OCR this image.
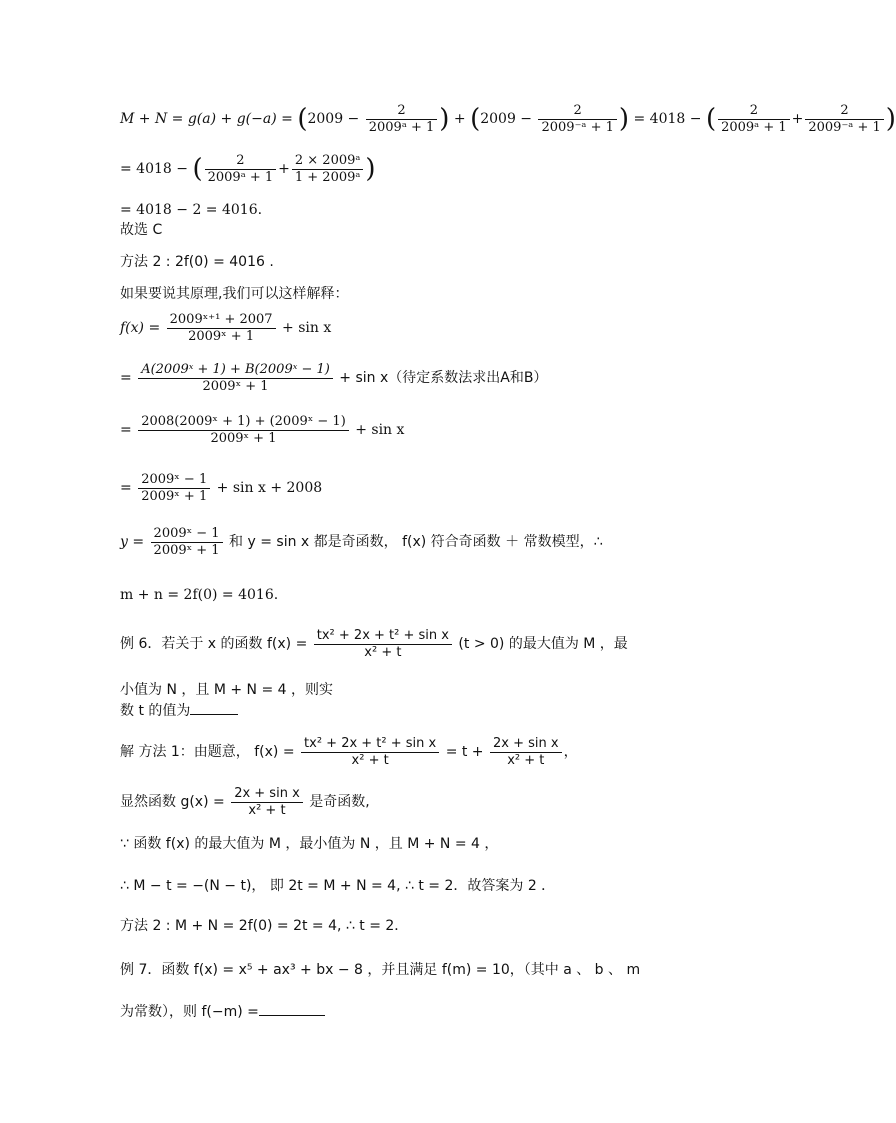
$M + N = g(a) + g(-a) = (2009 - \frac{2}{\text{2009ᵃ + 1}}$ ) + ($2009 - \frac{2}{\text{2009⁻ᵃ + 1}}$ ) = 4018 − ( $\frac{2}{\text{2009ᵃ + 1}} + \frac{2}{\text{2009⁻ᵃ + 1}}$ )
= 4018 − ( $\frac{2}{\text{2009ᵃ + 1}} + \frac{\text{2 × 2009ᵃ}}{\text{1 + 2009ᵃ}}$ )
= 4018 − 2 = 4016.
故选 C
方法 2 : 2f(0) = 4016 .
如果要说其原理,我们可以这样解释：
$f(x) = \frac{\text{2009ˣ⁺¹ + 2007}}{\text{2009ˣ + 1}} + \sin x$
= $\frac{\text{A(2009ˣ + 1) + B(2009ˣ − 1)}}{\text{2009ˣ + 1}} + \sin x$（待定系数法求出A和B）
= $\frac{\text{2008(2009ˣ + 1) + (2009ˣ − 1)}}{\text{2009ˣ + 1}} + \sin x$
= $\frac{\text{2009ˣ − 1}}{\text{2009ˣ + 1}} + \sin x + 2008$
$y = \frac{\text{2009ˣ − 1}}{\text{2009ˣ + 1}}$ 和 y = sin x 都是奇函数， f(x) 符合奇函数 ＋ 常数模型，∴
m + n = 2f(0) = 4016.
例 6．若关于 x 的函数 $f(x) = \frac{\text{tx² + 2x + t² + sin x}}{\text{x² + t}} (t > 0)$ 的最大值为 M ，最
小值为 N ，且 M + N = 4 ，则实
数 t 的值为
解 方法 1：由题意， $f(x) = \frac{\text{tx² + 2x + t² + sin x}}{\text{x² + t}} = t + \frac{\text{2x + sin x}}{\text{x² + t}}$ ，
显然函数 $g(x) = \frac{\text{2x + sin x}}{\text{x² + t}}$ 是奇函数,
∵ 函数 f(x) 的最大值为 M ，最小值为 N ，且 M + N = 4 ，
∴ M − t = −(N − t)， 即 2t = M + N = 4, ∴ t = 2．故答案为 2 ．
方法 2 : M + N = 2f(0) = 2t = 4, ∴ t = 2．
例 7．函数 f(x) = x⁵ + ax³ + bx − 8 ，并且满足 f(m) = 10，（其中 a 、 b 、 m
为常数），则 f(−m) =
